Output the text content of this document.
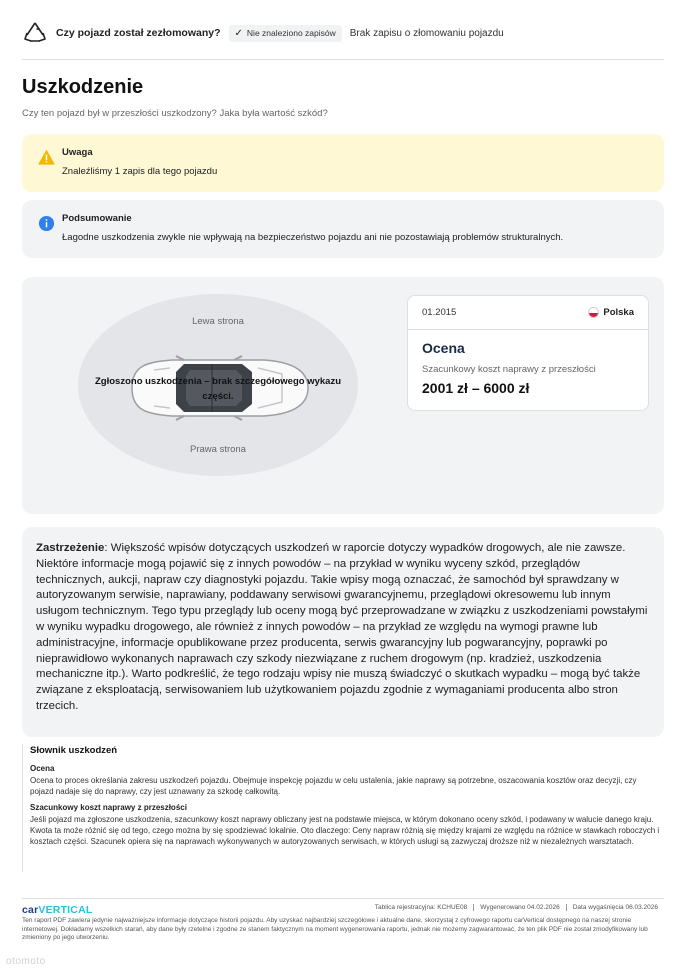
Czy pojazd został zezłomowany? ✓ Nie znaleziono zapisów Brak zapisu o złomowaniu pojazdu
Uszkodzenie
Czy ten pojazd był w przeszłości uszkodzony? Jaka była wartość szkód?
Uwaga
Znaleźliśmy 1 zapis dla tego pojazdu
Podsumowanie
Łagodne uszkodzenia zwykle nie wpływają na bezpieczeństwo pojazdu ani nie pozostawiają problemów strukturalnych.
Lewa strona
Zgłoszono uszkodzenia – brak szczegółowego wykazu części.
Prawa strona
01.2015	Polska
Ocena
Szacunkowy koszt naprawy z przeszłości
2001 zł – 6000 zł
Zastrzeżenie: Większość wpisów dotyczących uszkodzeń w raporcie dotyczy wypadków drogowych, ale nie zawsze. Niektóre informacje mogą pojawić się z innych powodów – na przykład w wyniku wyceny szkód, przeglądów technicznych, aukcji, napraw czy diagnostyki pojazdu. Takie wpisy mogą oznaczać, że samochód był sprawdzany w autoryzowanym serwisie, naprawiany, poddawany serwisowi gwarancyjnemu, przeglądowi okresowemu lub innym usługom technicznym. Tego typu przeglądy lub oceny mogą być przeprowadzane w związku z uszkodzeniami powstałymi w wyniku wypadku drogowego, ale również z innych powodów – na przykład ze względu na wymogi prawne lub administracyjne, informacje opublikowane przez producenta, serwis gwarancyjny lub pogwarancyjny, poprawki po nieprawidłowo wykonanych naprawach czy szkody niezwiązane z ruchem drogowym (np. kradzież, uszkodzenia mechaniczne itp.). Warto podkreślić, że tego rodzaju wpisy nie muszą świadczyć o skutkach wypadku – mogą być także związane z eksploatacją, serwisowaniem lub użytkowaniem pojazdu zgodnie z wymaganiami producenta albo stron trzecich.
Słownik uszkodzeń
Ocena
Ocena to proces określania zakresu uszkodzeń pojazdu. Obejmuje inspekcję pojazdu w celu ustalenia, jakie naprawy są potrzebne, oszacowania kosztów oraz decyzji, czy pojazd nadaje się do naprawy, czy jest uznawany za szkodę całkowitą.
Szacunkowy koszt naprawy z przeszłości
Jeśli pojazd ma zgłoszone uszkodzenia, szacunkowy koszt naprawy obliczany jest na podstawie miejsca, w którym dokonano oceny szkód, i podawany w walucie danego kraju. Kwota ta może różnić się od tego, czego można by się spodziewać lokalnie. Oto dlaczego: Ceny napraw różnią się między krajami ze względu na różnice w stawkach roboczych i kosztach części. Szacunek opiera się na naprawach wykonywanych w autoryzowanych serwisach, w których usługi są zazwyczaj droższe niż w niezależnych warsztatach.
carVERTICAL	Tablica rejestracyjna: KCHUE08	Wygenerowano 04.02.2026	Data wygaśnięcia 06.03.2026
Ten raport PDF zawiera jedynie najważniejsze informacje dotyczące historii pojazdu. Aby uzyskać najbardziej szczegółowe i aktualne dane, skorzystaj z cyfrowego raportu carVertical dostępnego na naszej stronie internetowej. Dokładamy wszelkich starań, aby dane były rzetelne i zgodne ze stanem faktycznym na moment wygenerowania raportu, jednak nie możemy zagwarantować, że ten plik PDF nie został zmodyfikowany lub zmieniony po jego utworzeniu.
otomoto
